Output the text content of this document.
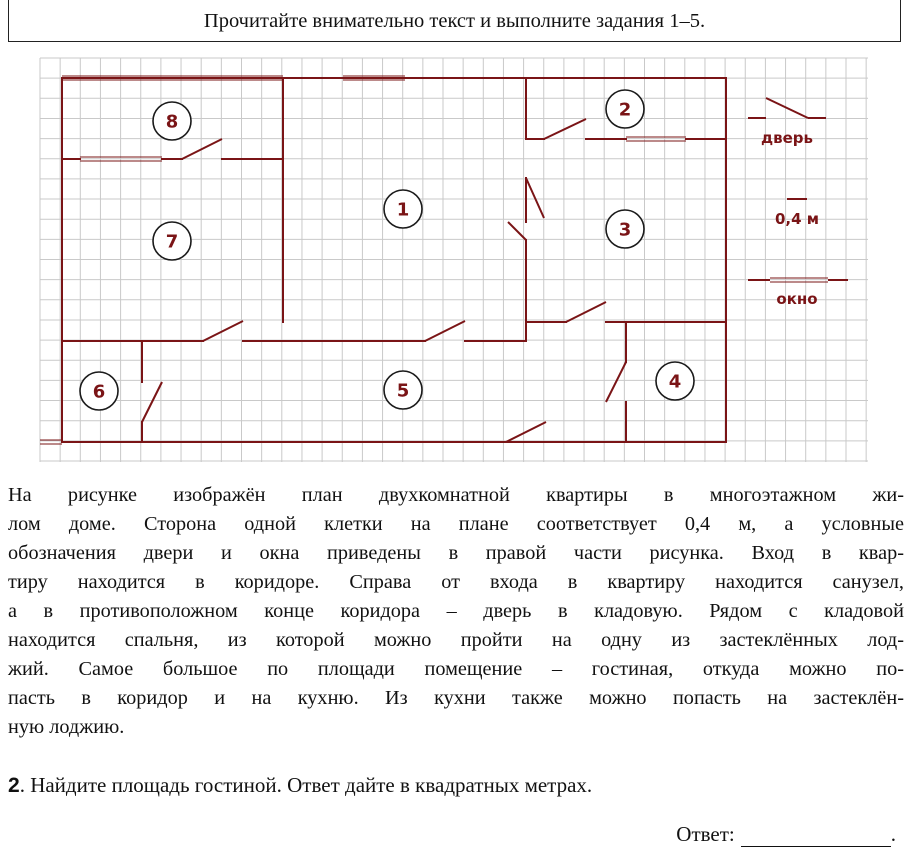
Прочитайте внимательно текст и выполните задания 1–5.
1
2
3
4
5
6
7
8
дверь
0,4 м
окно
На рисунке изображён план двухкомнатной квартиры в многоэтажном жи-
лом доме. Сторона одной клетки на плане соответствует 0,4 м, а условные
обозначения двери и окна приведены в правой части рисунка. Вход в квар-
тиру находится в коридоре. Справа от входа в квартиру находится санузел,
а в противоположном конце коридора – дверь в кладовую. Рядом с кладовой
находится спальня, из которой можно пройти на одну из застеклённых лод-
жий. Самое большое по площади помещение – гостиная, откуда можно по-
пасть в коридор и на кухню. Из кухни также можно попасть на застеклён-
ную лоджию.
2. Найдите площадь гостиной. Ответ дайте в квадратных метрах.
Ответ:	.
